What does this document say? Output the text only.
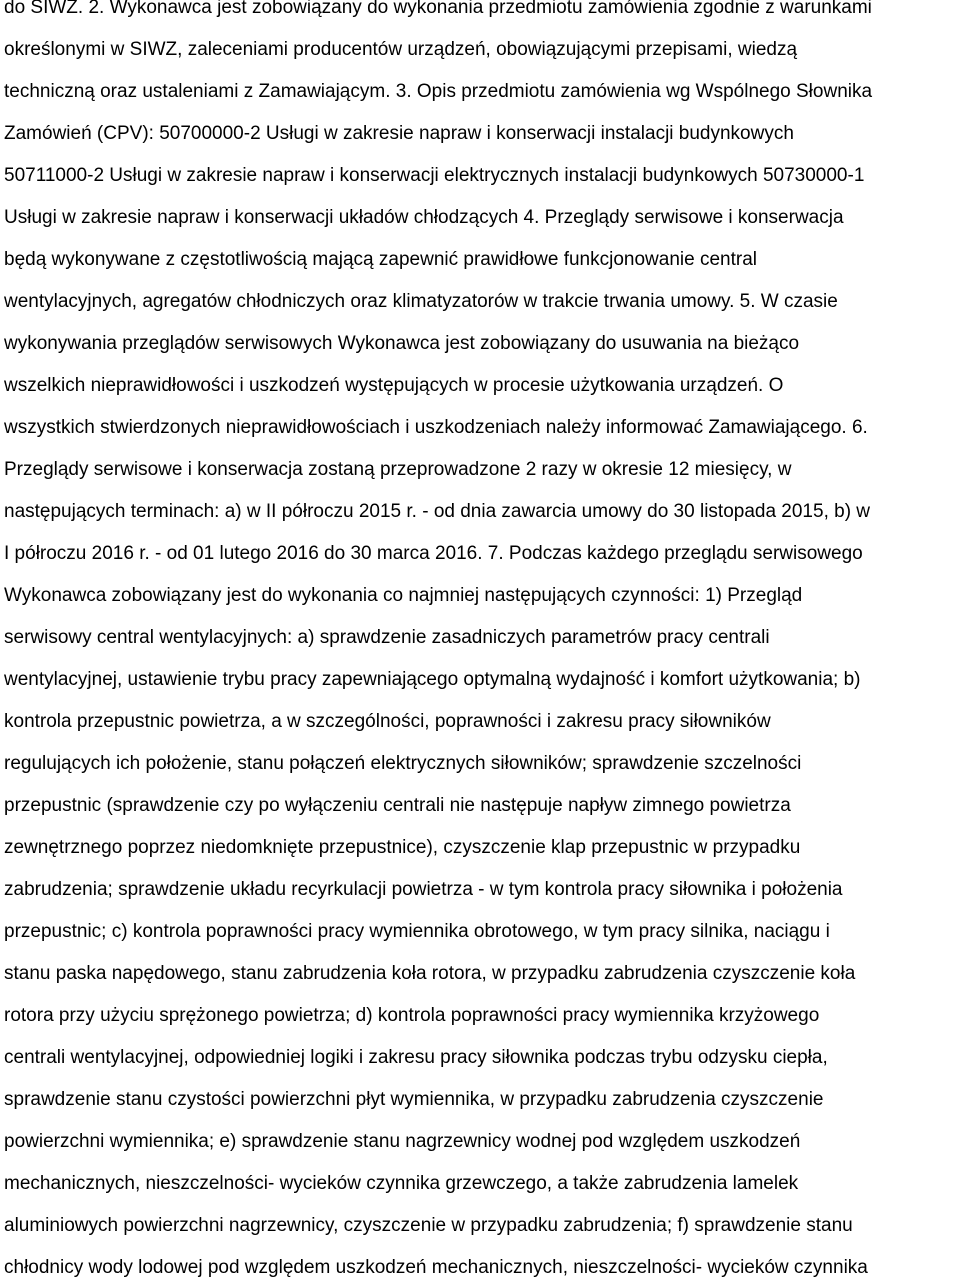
do SIWZ. 2. Wykonawca jest zobowiązany do wykonania przedmiotu zamówienia zgodnie z warunkami
określonymi w SIWZ, zaleceniami producentów urządzeń, obowiązującymi przepisami, wiedzą
techniczną oraz ustaleniami z Zamawiającym. 3. Opis przedmiotu zamówienia wg Wspólnego Słownika
Zamówień (CPV): 50700000-2 Usługi w zakresie napraw i konserwacji instalacji budynkowych
50711000-2 Usługi w zakresie napraw i konserwacji elektrycznych instalacji budynkowych 50730000-1
Usługi w zakresie napraw i konserwacji układów chłodzących 4. Przeglądy serwisowe i konserwacja
będą wykonywane z częstotliwością mającą zapewnić prawidłowe funkcjonowanie central
wentylacyjnych, agregatów chłodniczych oraz klimatyzatorów w trakcie trwania umowy. 5. W czasie
wykonywania przeglądów serwisowych Wykonawca jest zobowiązany do usuwania na bieżąco
wszelkich nieprawidłowości i uszkodzeń występujących w procesie użytkowania urządzeń. O
wszystkich stwierdzonych nieprawidłowościach i uszkodzeniach należy informować Zamawiającego. 6.
Przeglądy serwisowe i konserwacja zostaną przeprowadzone 2 razy w okresie 12 miesięcy, w
następujących terminach: a) w II półroczu 2015 r. - od dnia zawarcia umowy do 30 listopada 2015, b) w
I półroczu 2016 r. - od 01 lutego 2016 do 30 marca 2016. 7. Podczas każdego przeglądu serwisowego
Wykonawca zobowiązany jest do wykonania co najmniej następujących czynności: 1) Przegląd
serwisowy central wentylacyjnych: a) sprawdzenie zasadniczych parametrów pracy centrali
wentylacyjnej, ustawienie trybu pracy zapewniającego optymalną wydajność i komfort użytkowania; b)
kontrola przepustnic powietrza, a w szczególności, poprawności i zakresu pracy siłowników
regulujących ich położenie, stanu połączeń elektrycznych siłowników; sprawdzenie szczelności
przepustnic (sprawdzenie czy po wyłączeniu centrali nie następuje napływ zimnego powietrza
zewnętrznego poprzez niedomknięte przepustnice), czyszczenie klap przepustnic w przypadku
zabrudzenia; sprawdzenie układu recyrkulacji powietrza - w tym kontrola pracy siłownika i położenia
przepustnic; c) kontrola poprawności pracy wymiennika obrotowego, w tym pracy silnika, naciągu i
stanu paska napędowego, stanu zabrudzenia koła rotora, w przypadku zabrudzenia czyszczenie koła
rotora przy użyciu sprężonego powietrza; d) kontrola poprawności pracy wymiennika krzyżowego
centrali wentylacyjnej, odpowiedniej logiki i zakresu pracy siłownika podczas trybu odzysku ciepła,
sprawdzenie stanu czystości powierzchni płyt wymiennika, w przypadku zabrudzenia czyszczenie
powierzchni wymiennika; e) sprawdzenie stanu nagrzewnicy wodnej pod względem uszkodzeń
mechanicznych, nieszczelności- wycieków czynnika grzewczego, a także zabrudzenia lamelek
aluminiowych powierzchni nagrzewnicy, czyszczenie w przypadku zabrudzenia; f) sprawdzenie stanu
chłodnicy wody lodowej pod względem uszkodzeń mechanicznych, nieszczelności- wycieków czynnika
